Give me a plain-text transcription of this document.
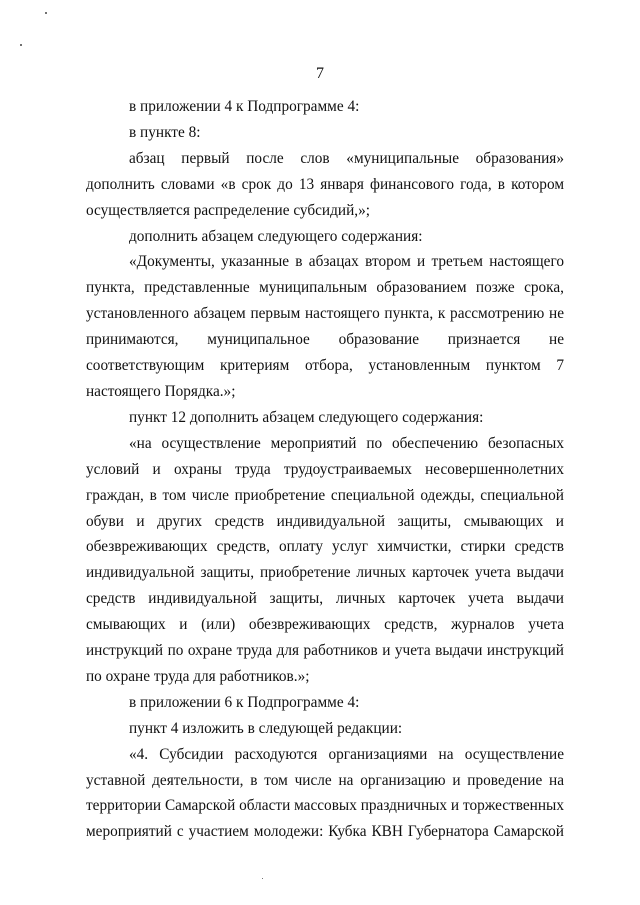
7

в приложении 4 к Подпрограмме 4:

в пункте 8:

абзац первый после слов «муниципальные образования» дополнить словами «в срок до 13 января финансового года, в котором осуществляется распределение субсидий,»;

дополнить абзацем следующего содержания:

«Документы, указанные в абзацах втором и третьем настоящего пункта, представленные муниципальным образованием позже срока, установленного абзацем первым настоящего пункта, к рассмотрению не принимаются, муниципальное образование признается не соответствующим критериям отбора, установленным пунктом 7 настоящего Порядка.»;

пункт 12 дополнить абзацем следующего содержания:

«на осуществление мероприятий по обеспечению безопасных условий и охраны труда трудоустраиваемых несовершеннолетних граждан, в том числе приобретение специальной одежды, специальной обуви и других средств индивидуальной защиты, смывающих и обезвреживающих средств, оплату услуг химчистки, стирки средств индивидуальной защиты, приобретение личных карточек учета выдачи средств индивидуальной защиты, личных карточек учета выдачи смывающих и (или) обезвреживающих средств, журналов учета инструкций по охране труда для работников и учета выдачи инструкций по охране труда для работников.»;

в приложении 6 к Подпрограмме 4:

пункт 4 изложить в следующей редакции:

«4. Субсидии расходуются организациями на осуществление уставной деятельности, в том числе на организацию и проведение на территории Самарской области массовых праздничных и торжественных мероприятий с участием молодежи: Кубка КВН Губернатора Самарской
